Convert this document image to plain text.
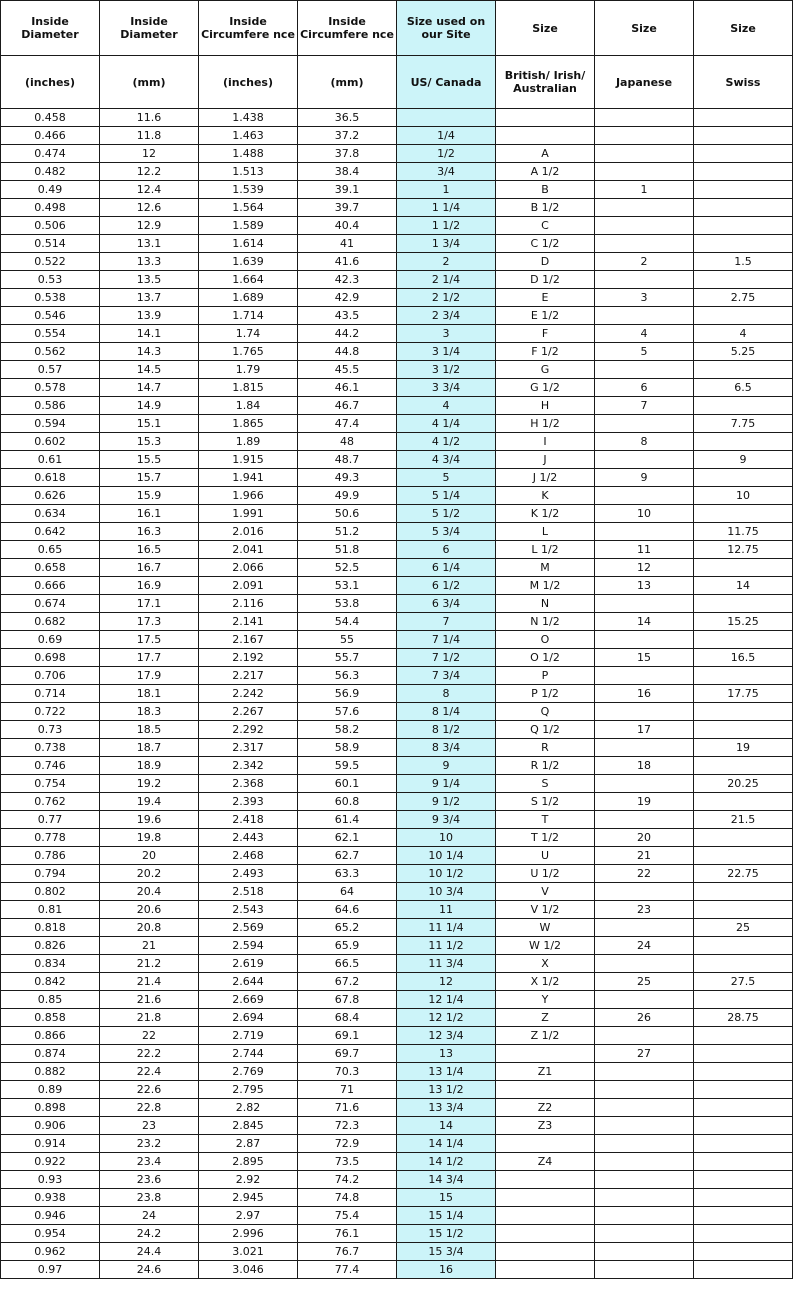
Inside Diameter	Inside Diameter	Inside Circumfere nce	Inside Circumfere nce	Size used on our Site	Size	Size	Size
(inches)	(mm)	(inches)	(mm)	US/ Canada	British/ Irish/ Australian	Japanese	Swiss
0.458	11.6	1.438	36.5				
0.466	11.8	1.463	37.2	1/4			
0.474	12	1.488	37.8	1/2	A		
0.482	12.2	1.513	38.4	3/4	A 1/2		
0.49	12.4	1.539	39.1	1	B	1	
0.498	12.6	1.564	39.7	1 1/4	B 1/2		
0.506	12.9	1.589	40.4	1 1/2	C		
0.514	13.1	1.614	41	1 3/4	C 1/2		
0.522	13.3	1.639	41.6	2	D	2	1.5
0.53	13.5	1.664	42.3	2 1/4	D 1/2		
0.538	13.7	1.689	42.9	2 1/2	E	3	2.75
0.546	13.9	1.714	43.5	2 3/4	E 1/2		
0.554	14.1	1.74	44.2	3	F	4	4
0.562	14.3	1.765	44.8	3 1/4	F 1/2	5	5.25
0.57	14.5	1.79	45.5	3 1/2	G		
0.578	14.7	1.815	46.1	3 3/4	G 1/2	6	6.5
0.586	14.9	1.84	46.7	4	H	7	
0.594	15.1	1.865	47.4	4 1/4	H 1/2		7.75
0.602	15.3	1.89	48	4 1/2	I	8	
0.61	15.5	1.915	48.7	4 3/4	J		9
0.618	15.7	1.941	49.3	5	J 1/2	9	
0.626	15.9	1.966	49.9	5 1/4	K		10
0.634	16.1	1.991	50.6	5 1/2	K 1/2	10	
0.642	16.3	2.016	51.2	5 3/4	L		11.75
0.65	16.5	2.041	51.8	6	L 1/2	11	12.75
0.658	16.7	2.066	52.5	6 1/4	M	12	
0.666	16.9	2.091	53.1	6 1/2	M 1/2	13	14
0.674	17.1	2.116	53.8	6 3/4	N		
0.682	17.3	2.141	54.4	7	N 1/2	14	15.25
0.69	17.5	2.167	55	7 1/4	O		
0.698	17.7	2.192	55.7	7 1/2	O 1/2	15	16.5
0.706	17.9	2.217	56.3	7 3/4	P		
0.714	18.1	2.242	56.9	8	P 1/2	16	17.75
0.722	18.3	2.267	57.6	8 1/4	Q		
0.73	18.5	2.292	58.2	8 1/2	Q 1/2	17	
0.738	18.7	2.317	58.9	8 3/4	R		19
0.746	18.9	2.342	59.5	9	R 1/2	18	
0.754	19.2	2.368	60.1	9 1/4	S		20.25
0.762	19.4	2.393	60.8	9 1/2	S 1/2	19	
0.77	19.6	2.418	61.4	9 3/4	T		21.5
0.778	19.8	2.443	62.1	10	T 1/2	20	
0.786	20	2.468	62.7	10 1/4	U	21	
0.794	20.2	2.493	63.3	10 1/2	U 1/2	22	22.75
0.802	20.4	2.518	64	10 3/4	V		
0.81	20.6	2.543	64.6	11	V 1/2	23	
0.818	20.8	2.569	65.2	11 1/4	W		25
0.826	21	2.594	65.9	11 1/2	W 1/2	24	
0.834	21.2	2.619	66.5	11 3/4	X		
0.842	21.4	2.644	67.2	12	X 1/2	25	27.5
0.85	21.6	2.669	67.8	12 1/4	Y		
0.858	21.8	2.694	68.4	12 1/2	Z	26	28.75
0.866	22	2.719	69.1	12 3/4	Z 1/2		
0.874	22.2	2.744	69.7	13		27	
0.882	22.4	2.769	70.3	13 1/4	Z1		
0.89	22.6	2.795	71	13 1/2			
0.898	22.8	2.82	71.6	13 3/4	Z2		
0.906	23	2.845	72.3	14	Z3		
0.914	23.2	2.87	72.9	14 1/4			
0.922	23.4	2.895	73.5	14 1/2	Z4		
0.93	23.6	2.92	74.2	14 3/4			
0.938	23.8	2.945	74.8	15			
0.946	24	2.97	75.4	15 1/4			
0.954	24.2	2.996	76.1	15 1/2			
0.962	24.4	3.021	76.7	15 3/4			
0.97	24.6	3.046	77.4	16			
